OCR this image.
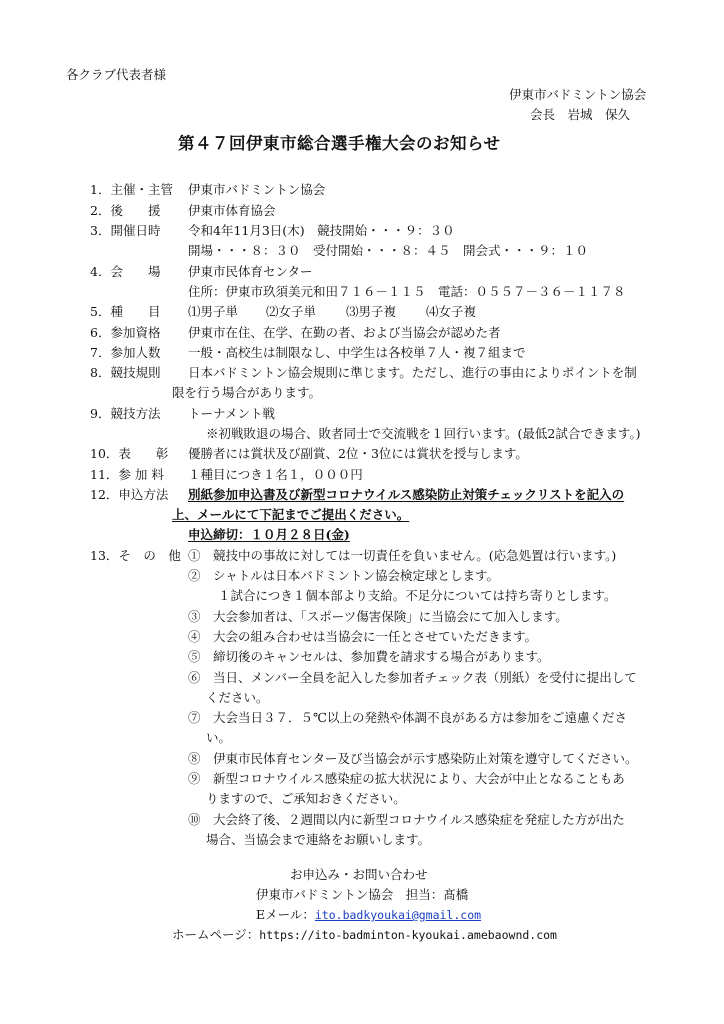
各クラブ代表者様
伊東市バドミントン協会
会長　岩城　保久
第４７回伊東市総合選手権大会のお知らせ
1．主催・主管 伊東市バドミントン協会
2．後　　援 伊東市体育協会
3．開催日時 令和4年11月3日(木)　競技開始・・・９：３０
開場・・・８：３０　受付開始・・・８：４５　開会式・・・９：１０
4．会　　場 伊東市民体育センター
住所：伊東市玖須美元和田７１６－１１５　電話：０５５７－３６－１１７８
5．種　　目 ⑴男子単 ⑵女子単 ⑶男子複 ⑷女子複
6．参加資格 伊東市在住、在学、在勤の者、および当協会が認めた者
7．参加人数 一般・高校生は制限なし、中学生は各校単７人・複７組まで
8．競技規則 日本バドミントン協会規則に準じます。ただし、進行の事由によりポイントを制
限を行う場合があります。
9．競技方法 トーナメント戦
※初戦敗退の場合、敗者同士で交流戦を１回行います。(最低2試合できます。)
10．表　　彰 優勝者には賞状及び副賞、2位・3位には賞状を授与します。
11．参 加 料 １種目につき１名１，０００円
12．申込方法 別紙参加申込書及び新型コロナウイルス感染防止対策チェックリストを記入の
上、メールにて下記までご提出ください。
申込締切：１０月２８日(金)
13．そ　の　他 ①　競技中の事故に対しては一切責任を負いません。(応急処置は行います。)
②　シャトルは日本バドミントン協会検定球とします。
１試合につき１個本部より支給。不足分については持ち寄りとします。
③　大会参加者は、「スポーツ傷害保険」に当協会にて加入します。
④　大会の組み合わせは当協会に一任とさせていただきます。
⑤　締切後のキャンセルは、参加費を請求する場合があります。
⑥　当日、メンバー全員を記入した参加者チェック表（別紙）を受付に提出して
ください。
⑦　大会当日３７．５℃以上の発熱や体調不良がある方は参加をご遠慮くださ
い。
⑧　伊東市民体育センター及び当協会が示す感染防止対策を遵守してください。
⑨　新型コロナウイルス感染症の拡大状況により、大会が中止となることもあ
りますので、ご承知おきください。
⑩　大会終了後、２週間以内に新型コロナウイルス感染症を発症した方が出た
場合、当協会まで連絡をお願いします。
お申込み・お問い合わせ
伊東市バドミントン協会　担当：髙橋
Eメール：ito.badkyoukai@gmail.com
ホームページ：https://ito-badminton-kyoukai.amebaownd.com
